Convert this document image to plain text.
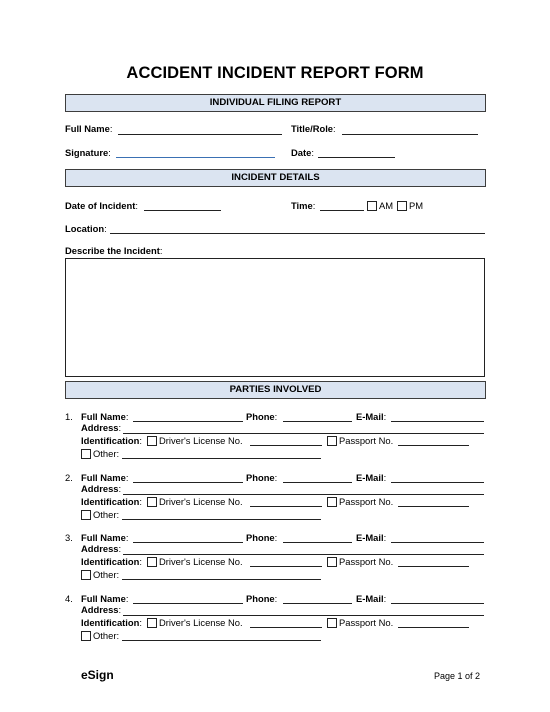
ACCIDENT INCIDENT REPORT FORM
INDIVIDUAL FILING REPORT
Full Name:	Title/Role:
Signature:	Date:
INCIDENT DETAILS
Date of Incident:	Time:	AM PM
Location:
Describe the Incident:
PARTIES INVOLVED
1. Full Name:	Phone:	E-Mail:
Address:
Identification: Driver's License No.	Passport No.
Other:
2. Full Name:	Phone:	E-Mail:
Address:
Identification: Driver's License No.	Passport No.
Other:
3. Full Name:	Phone:	E-Mail:
Address:
Identification: Driver's License No.	Passport No.
Other:
4. Full Name:	Phone:	E-Mail:
Address:
Identification: Driver's License No.	Passport No.
Other:
eSign	Page 1 of 2
